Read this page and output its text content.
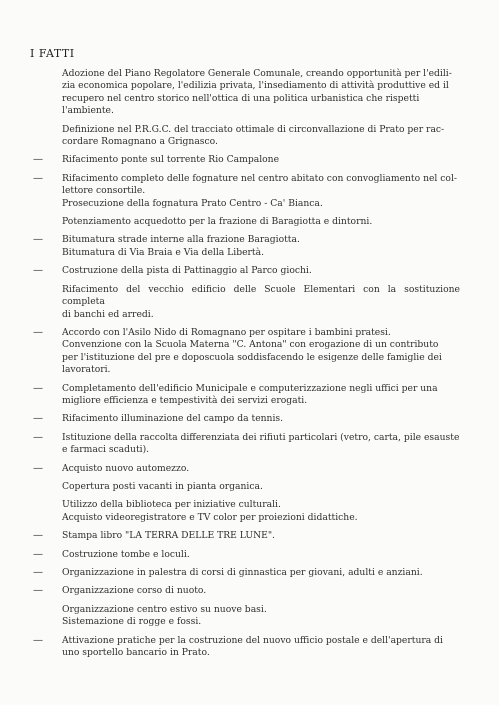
I FATTI
Adozione del Piano Regolatore Generale Comunale, creando opportunità per l'edili-
zia economica popolare, l'edilizia privata, l'insediamento di attività produttive ed il
recupero nel centro storico nell'ottica di una politica urbanistica che rispetti
l'ambiente.
Definizione nel P.R.G.C. del tracciato ottimale di circonvallazione di Prato per rac-
cordare Romagnano a Grignasco.
— Rifacimento ponte sul torrente Rio Campalone
— Rifacimento completo delle fognature nel centro abitato con convogliamento nel col-
lettore consortile.
Prosecuzione della fognatura Prato Centro - Ca' Bianca.
Potenziamento acquedotto per la frazione di Baragiotta e dintorni.
— Bitumatura strade interne alla frazione Baragiotta.
Bitumatura di Via Braia e Via della Libertà.
— Costruzione della pista di Pattinaggio al Parco giochi.
Rifacimento del vecchio edificio delle Scuole Elementari con la sostituzione completa
di banchi ed arredi.
— Accordo con l'Asilo Nido di Romagnano per ospitare i bambini pratesi.
Convenzione con la Scuola Materna "C. Antona" con erogazione di un contributo
per l'istituzione del pre e doposcuola soddisfacendo le esigenze delle famiglie dei
lavoratori.
— Completamento dell'edificio Municipale e computerizzazione negli uffici per una
migliore efficienza e tempestività dei servizi erogati.
— Rifacimento illuminazione del campo da tennis.
— Istituzione della raccolta differenziata dei rifiuti particolari (vetro, carta, pile esauste
e farmaci scaduti).
— Acquisto nuovo automezzo.
Copertura posti vacanti in pianta organica.
Utilizzo della biblioteca per iniziative culturali.
Acquisto videoregistratore e TV color per proiezioni didattiche.
— Stampa libro "LA TERRA DELLE TRE LUNE".
— Costruzione tombe e loculi.
— Organizzazione in palestra di corsi di ginnastica per giovani, adulti e anziani.
— Organizzazione corso di nuoto.
Organizzazione centro estivo su nuove basi.
Sistemazione di rogge e fossi.
— Attivazione pratiche per la costruzione del nuovo ufficio postale e dell'apertura di
uno sportello bancario in Prato.
